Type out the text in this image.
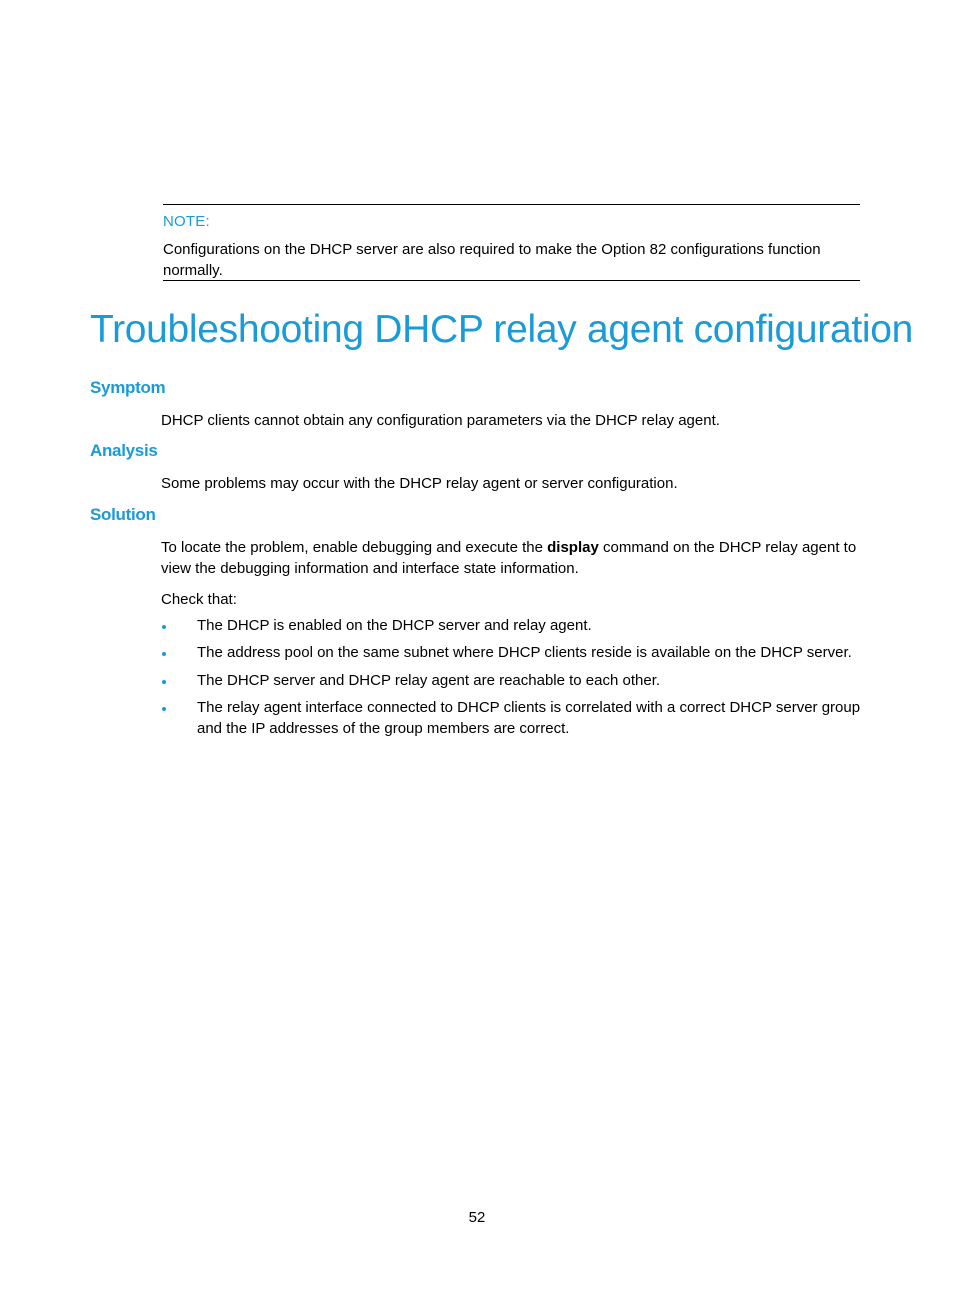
NOTE:
Configurations on the DHCP server are also required to make the Option 82 configurations function normally.
Troubleshooting DHCP relay agent configuration
Symptom
DHCP clients cannot obtain any configuration parameters via the DHCP relay agent.
Analysis
Some problems may occur with the DHCP relay agent or server configuration.
Solution
To locate the problem, enable debugging and execute the display command on the DHCP relay agent to view the debugging information and interface state information.
Check that:
The DHCP is enabled on the DHCP server and relay agent.
The address pool on the same subnet where DHCP clients reside is available on the DHCP server.
The DHCP server and DHCP relay agent are reachable to each other.
The relay agent interface connected to DHCP clients is correlated with a correct DHCP server group and the IP addresses of the group members are correct.
52
